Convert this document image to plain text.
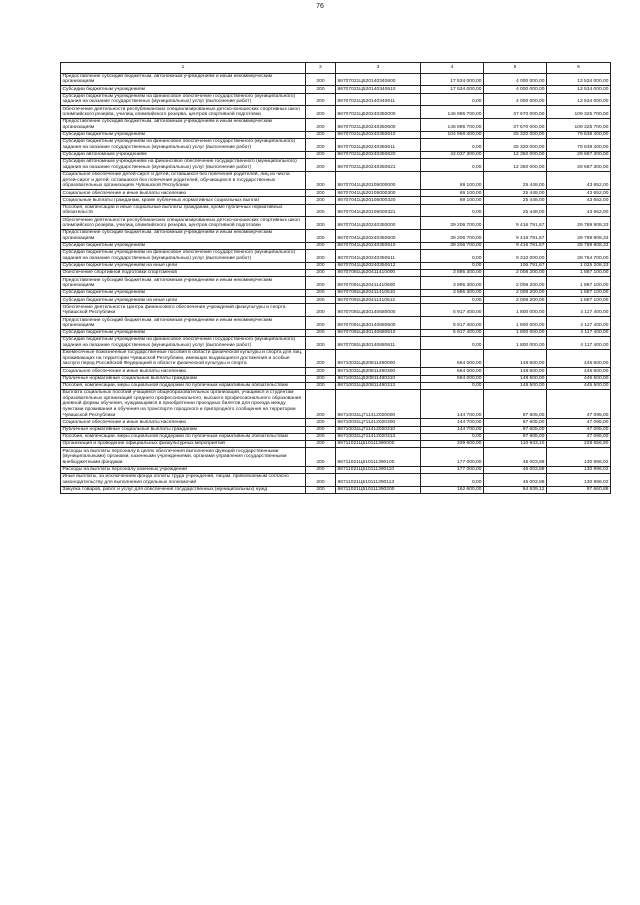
76
1	2	3	4	5	6
Предоставление субсидий бюджетным, автономным учреждениям и иным некоммерческим организациям	200	86707021Ц520140340600	17 534 000,00	4 000 000,00	13 534 000,00
Субсидии бюджетным учреждениям	200	86707021Ц520140340610	17 534 000,00	4 000 000,00	13 534 000,00
Субсидии бюджетным учреждениям на финансовое обеспечение государственного (муниципального) задания на оказание государственных (муниципальных) услуг (выполнение работ)	200	86707021Ц520140340611	0,00	4 000 000,00	13 534 000,00
Обеспечение деятельности республиканских специализированных детско-юношеских спортивных школ олимпийского резерва, училищ олимпийского резерва, центров спортивной подготовки	200	86707021Ц520240350000	146 995 700,00	37 670 000,00	109 325 700,00
Предоставление субсидий бюджетным, автономным учреждениям и иным некоммерческим организациям	200	86707021Ц520240350600	146 995 700,00	37 670 000,00	109 325 700,00
Субсидии бюджетным учреждениям	200	86707021Ц520240350610	104 958 400,00	25 320 000,00	79 638 400,00
Субсидии бюджетным учреждениям на финансовое обеспечение государственного (муниципального) задания на оказание государственных (муниципальных) услуг (выполнение работ)	200	86707021Ц520240350611	0,00	25 320 000,00	79 638 400,00
Субсидии автономным учреждениям	200	86707021Ц520240350620	42 037 300,00	12 350 000,00	29 687 300,00
Субсидии автономным учреждениям на финансовое обеспечение государственного (муниципального) задания на оказание государственных (муниципальных) услуг (выполнение работ)	200	86707021Ц520240350621	0,00	12 350 000,00	29 687 300,00
Социальное обеспечение детей-сирот и детей, оставшихся без попечения родителей, лиц из числа детей-сирот и детей, оставшихся без попечения родителей, обучающихся в государственных образовательных организациях Чувашской Республики	200	86707041Ц520105000000	69 100,00	25 448,00	43 652,00
Социальное обеспечение и иные выплаты населению	200	86707041Ц520105000300	69 100,00	25 448,00	43 652,00
Социальные выплаты гражданам, кроме публичных нормативных социальных выплат	200	86707041Ц520105000320	69 100,00	25 448,00	43 652,00
Пособия, компенсации и иные социальные выплаты гражданам, кроме публичных нормативных обязательств	200	86707041Ц520105000321	0,00	25 448,00	43 652,00
Обеспечение деятельности республиканских специализированных детско-юношеских спортивных школ олимпийского резерва, училищ олимпийского резерва, центров спортивной подготовки	200	86707041Ц520240350000	39 206 700,00	9 416 791,67	29 789 908,33
Предоставление субсидий бюджетным, автономным учреждениям и иным некоммерческим организациям	200	86707041Ц520240350600	39 206 700,00	9 416 791,67	29 789 908,33
Субсидии бюджетным учреждениям	200	86707041Ц520240350610	39 206 700,00	9 416 791,67	29 789 908,33
Субсидии бюджетным учреждениям на финансовое обеспечение государственного (муниципального) задания на оказание государственных (муниципальных) услуг (выполнение работ)	200	86707041Ц520240350611	0,00	9 310 000,00	28 764 700,00
Субсидии бюджетным учреждениям на иные цели	200	86707041Ц520240350612	0,00	106 791,67	1 025 208,33
Обеспечение спортивной подготовки спортсменов	200	86707091Ц520411410000	3 895 300,00	2 008 200,00	1 887 100,00
Предоставление субсидий бюджетным, автономным учреждениям и иным некоммерческим организациям	200	86707091Ц520411410600	3 895 300,00	2 008 200,00	1 887 100,00
Субсидии бюджетным учреждениям	200	86707091Ц520411410610	3 895 300,00	2 008 200,00	1 887 100,00
Субсидии бюджетным учреждениям на иные цели	200	86707091Ц520411410612	0,00	2 008 200,00	1 887 100,00
Обеспечение деятельности Центра финансового обеспечения учреждений физкультуры и спорта Чувашской Республики	200	86707091Ц530140680000	5 917 400,00	1 800 000,00	4 117 400,00
Предоставление субсидий бюджетным, автономным учреждениям и иным некоммерческим организациям	200	86707091Ц530140680600	5 917 400,00	1 800 000,00	4 117 400,00
Субсидии бюджетным учреждениям	200	86707091Ц530140680610	5 917 400,00	1 800 000,00	4 117 400,00
Субсидии бюджетным учреждениям на финансовое обеспечение государственного (муниципального) задания на оказание государственных (муниципальных) услуг (выполнение работ)	200	86707091Ц530140680611	0,00	1 800 000,00	4 117 400,00
Ежемесячные пожизненные государственные пособия в области физической культуры и спорта для лиц, проживающих на территории Чувашской Республики, имеющих выдающиеся достижения и особые заслуги перед Российской Федерацией в области физической культуры и спорта	200	86710031Ц520811490000	594 000,00	148 500,00	445 500,00
Социальное обеспечение и иные выплаты населению	200	86710031Ц520811490300	594 000,00	148 500,00	445 500,00
Публичные нормативные социальные выплаты гражданам	200	86710031Ц520811490310	594 000,00	148 500,00	445 500,00
Пособия, компенсации, меры социальной поддержки по публичным нормативным обязательствам	200	86710031Ц520811490313	0,00	148 500,00	445 500,00
Выплата социальных пособий учащимся общеобразовательных организаций, учащимся и студентам образовательных организаций среднего профессионального, высшего профессионального образования дневной формы обучения, нуждающимся в приобретении проездных билетов для проезда между пунктами проживания и обучения на транспорте городского и пригородного сообщения на территории Чувашской Республики	200	86710031Ц711412020000	144 700,00	97 605,00	47 095,00
Социальное обеспечение и иные выплаты населению	200	86710031Ц711412020300	144 700,00	97 605,00	47 095,00
Публичные нормативные социальные выплаты гражданам	200	86710031Ц711412020310	144 700,00	97 605,00	47 095,00
Пособия, компенсации, меры социальной поддержки по публичным нормативным обязательствам	200	86710031Ц711412020313	0,00	97 605,00	47 095,00
Организация и проведение официальных физкультурных мероприятий	200	86711021Ц510111390000	339 600,00	110 943,10	228 656,90
Расходы на выплаты персоналу в целях обеспечения выполнения функций государственными (муниципальными) органами, казенными учреждениями, органами управления государственными внебюджетными фондами	200	86711021Ц510111390100	177 000,00	46 003,98	130 996,02
Расходы на выплаты персоналу казенных учреждений	200	86711021Ц510111390110	177 000,00	46 003,98	130 996,02
Иные выплаты, за исключением фонда оплаты труда учреждений, лицам, привлекаемым согласно законодательству для выполнения отдельных полномочий	200	86711021Ц510111390113	0,00	46 003,98	130 996,02
Закупка товаров, работ и услуг для обеспечения государственных (муниципальных) нужд	200	86711021Ц510111390200	162 600,00	64 939,12	97 660,88
